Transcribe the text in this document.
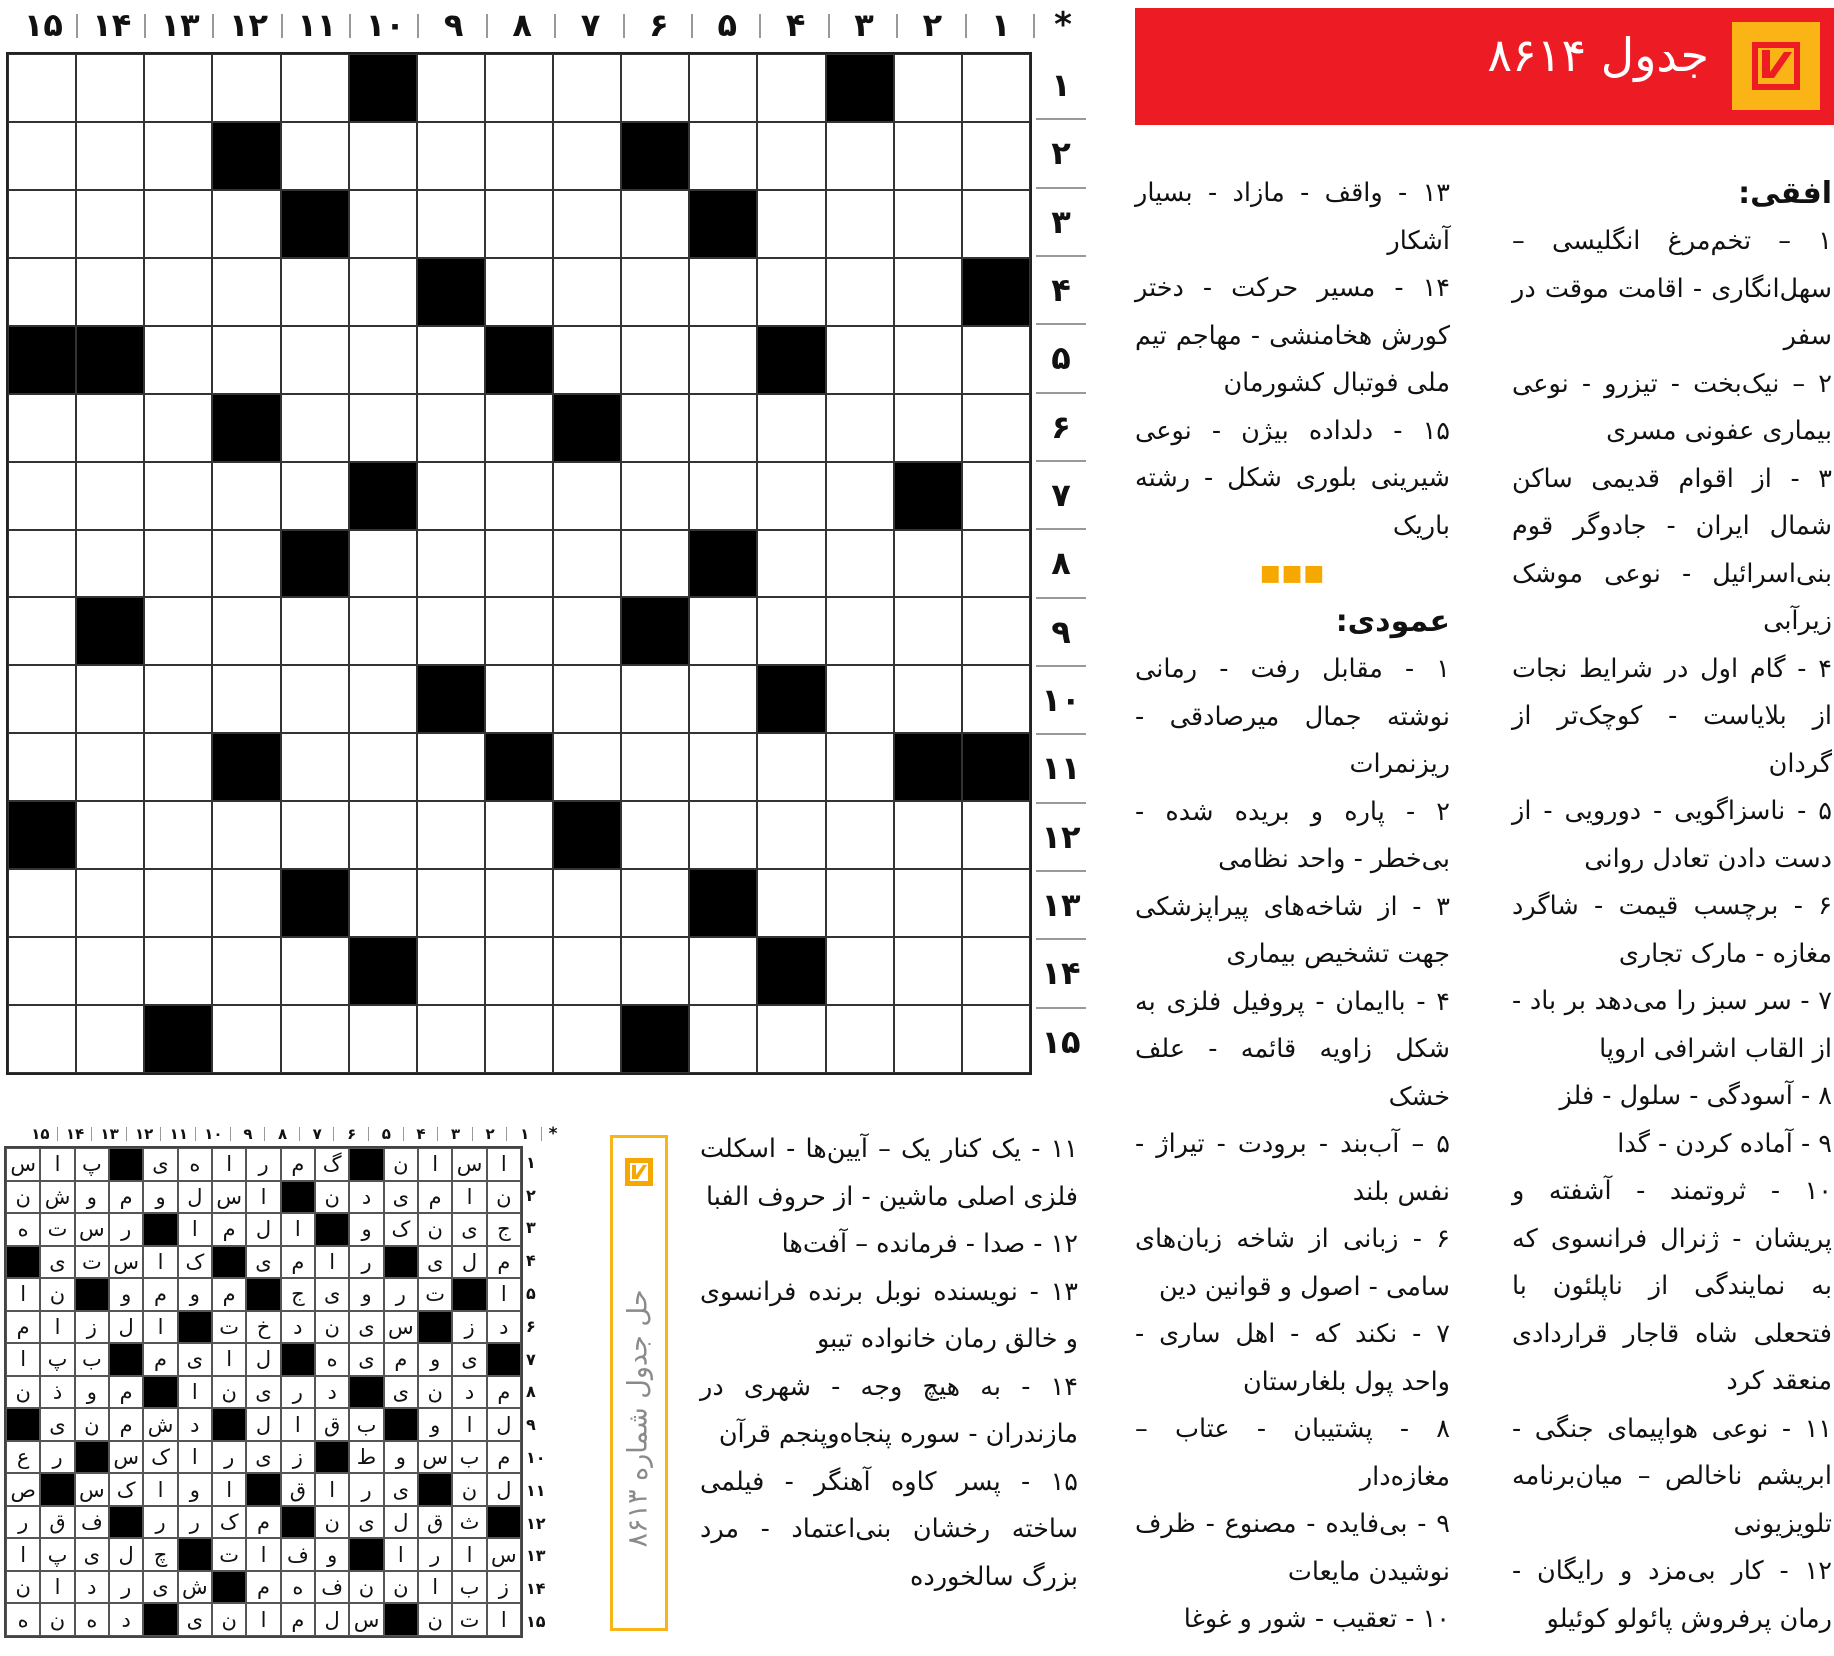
جدول ۸۶۱۴
*
۱
۲
۳
۴
۵
۶
۷
۸
۹
۱۰
۱۱
۱۲
۱۳
۱۴
۱۵
۱
۲
۳
۴
۵
۶
۷
۸
۹
۱۰
۱۱
۱۲
۱۳
۱۴
۱۵
افقی:

۱ – تخم‌مرغ انگلیسی – سهل‌انگاری - اقامت موقت در سفر

۲ – نیک‌بخت - تیزرو - نوعی بیماری عفونی مسری

۳ - از اقوام قدیمی ساکن شمال ایران - جادوگر قوم بنی‌اسرائیل - نوعی موشک زیرآبی

۴ - گام اول در شرایط نجات از بلایاست - کوچک‌تر از گردان

۵ - ناسزاگویی - دورویی - از دست دادن تعادل روانی

۶ - برچسب قیمت - شاگرد مغازه - مارک تجاری

۷ - سر سبز را می‌دهد بر باد - از القاب اشرافی اروپا

۸ - آسودگی - سلول - فلز

۹ - آماده کردن - گدا

۱۰ - ثروتمند - آشفته و پریشان - ژنرال فرانسوی که به نمایندگی از ناپلئون با فتحعلی شاه قاجار قراردادی منعقد کرد

۱۱ - نوعی هواپیمای جنگی - ابریشم ناخالص – میان‌برنامه تلویزیونی

۱۲ - کار بی‌مزد و رایگان - رمان پرفروش پائولو کوئیلو

۱۳ - واقف - مازاد - بسیار آشکار

۱۴ - مسیر حرکت - دختر کورش هخامنشی - مهاجم تیم ملی فوتبال کشورمان

۱۵ - دلداده بیژن - نوعی شیرینی بلوری شکل - رشته باریک

■■■
عمودی:

۱ - مقابل رفت - رمانی نوشته جمال میرصادقی - ریزنمرات

۲ - پاره و بریده شده - بی‌خطر - واحد نظامی

۳ - از شاخه‌های پیراپزشکی جهت تشخیص بیماری

۴ - باایمان - پروفیل فلزی به شکل زاویه قائمه - علف خشک

۵ – آب‌بند - برودت - تیراژ - نفس بلند

۶ - زبانی از شاخه زبان‌های سامی - اصول و قوانین دین

۷ - نکند که - اهل ساری - واحد پول بلغارستان

۸ - پشتیبان - عتاب – مغازه‌دار

۹ - بی‌فایده - مصنوع - ظرف نوشیدن مایعات

۱۰ - تعقیب - شور و غوغا

۱۱ - یک کنار یک – آیین‌ها - اسکلت فلزی اصلی ماشین - از حروف الفبا

۱۲ - صدا - فرمانده – آفت‌ها

۱۳ - نویسنده نوبل برنده فرانسوی و خالق رمان خانواده تیبو

۱۴ - به هیچ وجه - شهری در مازندران - سوره پنجاه‌وپنجم قرآن

۱۵ - پسر کاوه آهنگر - فیلمی ساخته رخشان بنی‌اعتماد - مرد بزرگ سالخورده

حل جدول شماره ۸۶۱۳
*
۱
۲
۳
۴
۵
۶
۷
۸
۹
۱۰
۱۱
۱۲
۱۳
۱۴
۱۵
ا
س
ا
ن
گ
م
ر
ا
ه
ی
پ
ا
س
ن
ا
م
ی
د
ن
ا
س
ل
و
م
و
ش
ن
ج
ی
ن
ک
و
ا
ل
م
ا
ر
س
ت
ه
م
ل
ی
ر
ا
م
ی
ک
ا
س
ت
ی
ا
ت
ر
و
ی
ج
م
و
م
و
ن
ا
د
ز
س
ی
ن
د
خ
ت
ا
ل
ز
ا
م
ی
و
م
ی
ه
ل
ا
ی
م
ب
پ
ا
م
د
ن
ی
د
ر
ی
ن
ا
م
و
ذ
ن
ل
ا
و
ب
ق
ا
ل
د
ش
م
ن
ی
م
ب
س
و
ط
ز
ی
ر
ا
ک
س
ر
ع
ل
ن
ی
ر
ا
ق
ا
و
ا
ک
س
ص
ث
ق
ل
ی
ن
م
ک
ر
ر
ف
ق
ر
س
ا
ر
ا
و
ف
ا
ت
چ
ل
ی
پ
ا
ز
ب
ا
ن
ن
ف
ه
م
ش
ی
ر
د
ا
ن
ا
ت
ن
س
ل
م
ا
ن
ی
د
ه
ن
ه
۱
۲
۳
۴
۵
۶
۷
۸
۹
۱۰
۱۱
۱۲
۱۳
۱۴
۱۵
